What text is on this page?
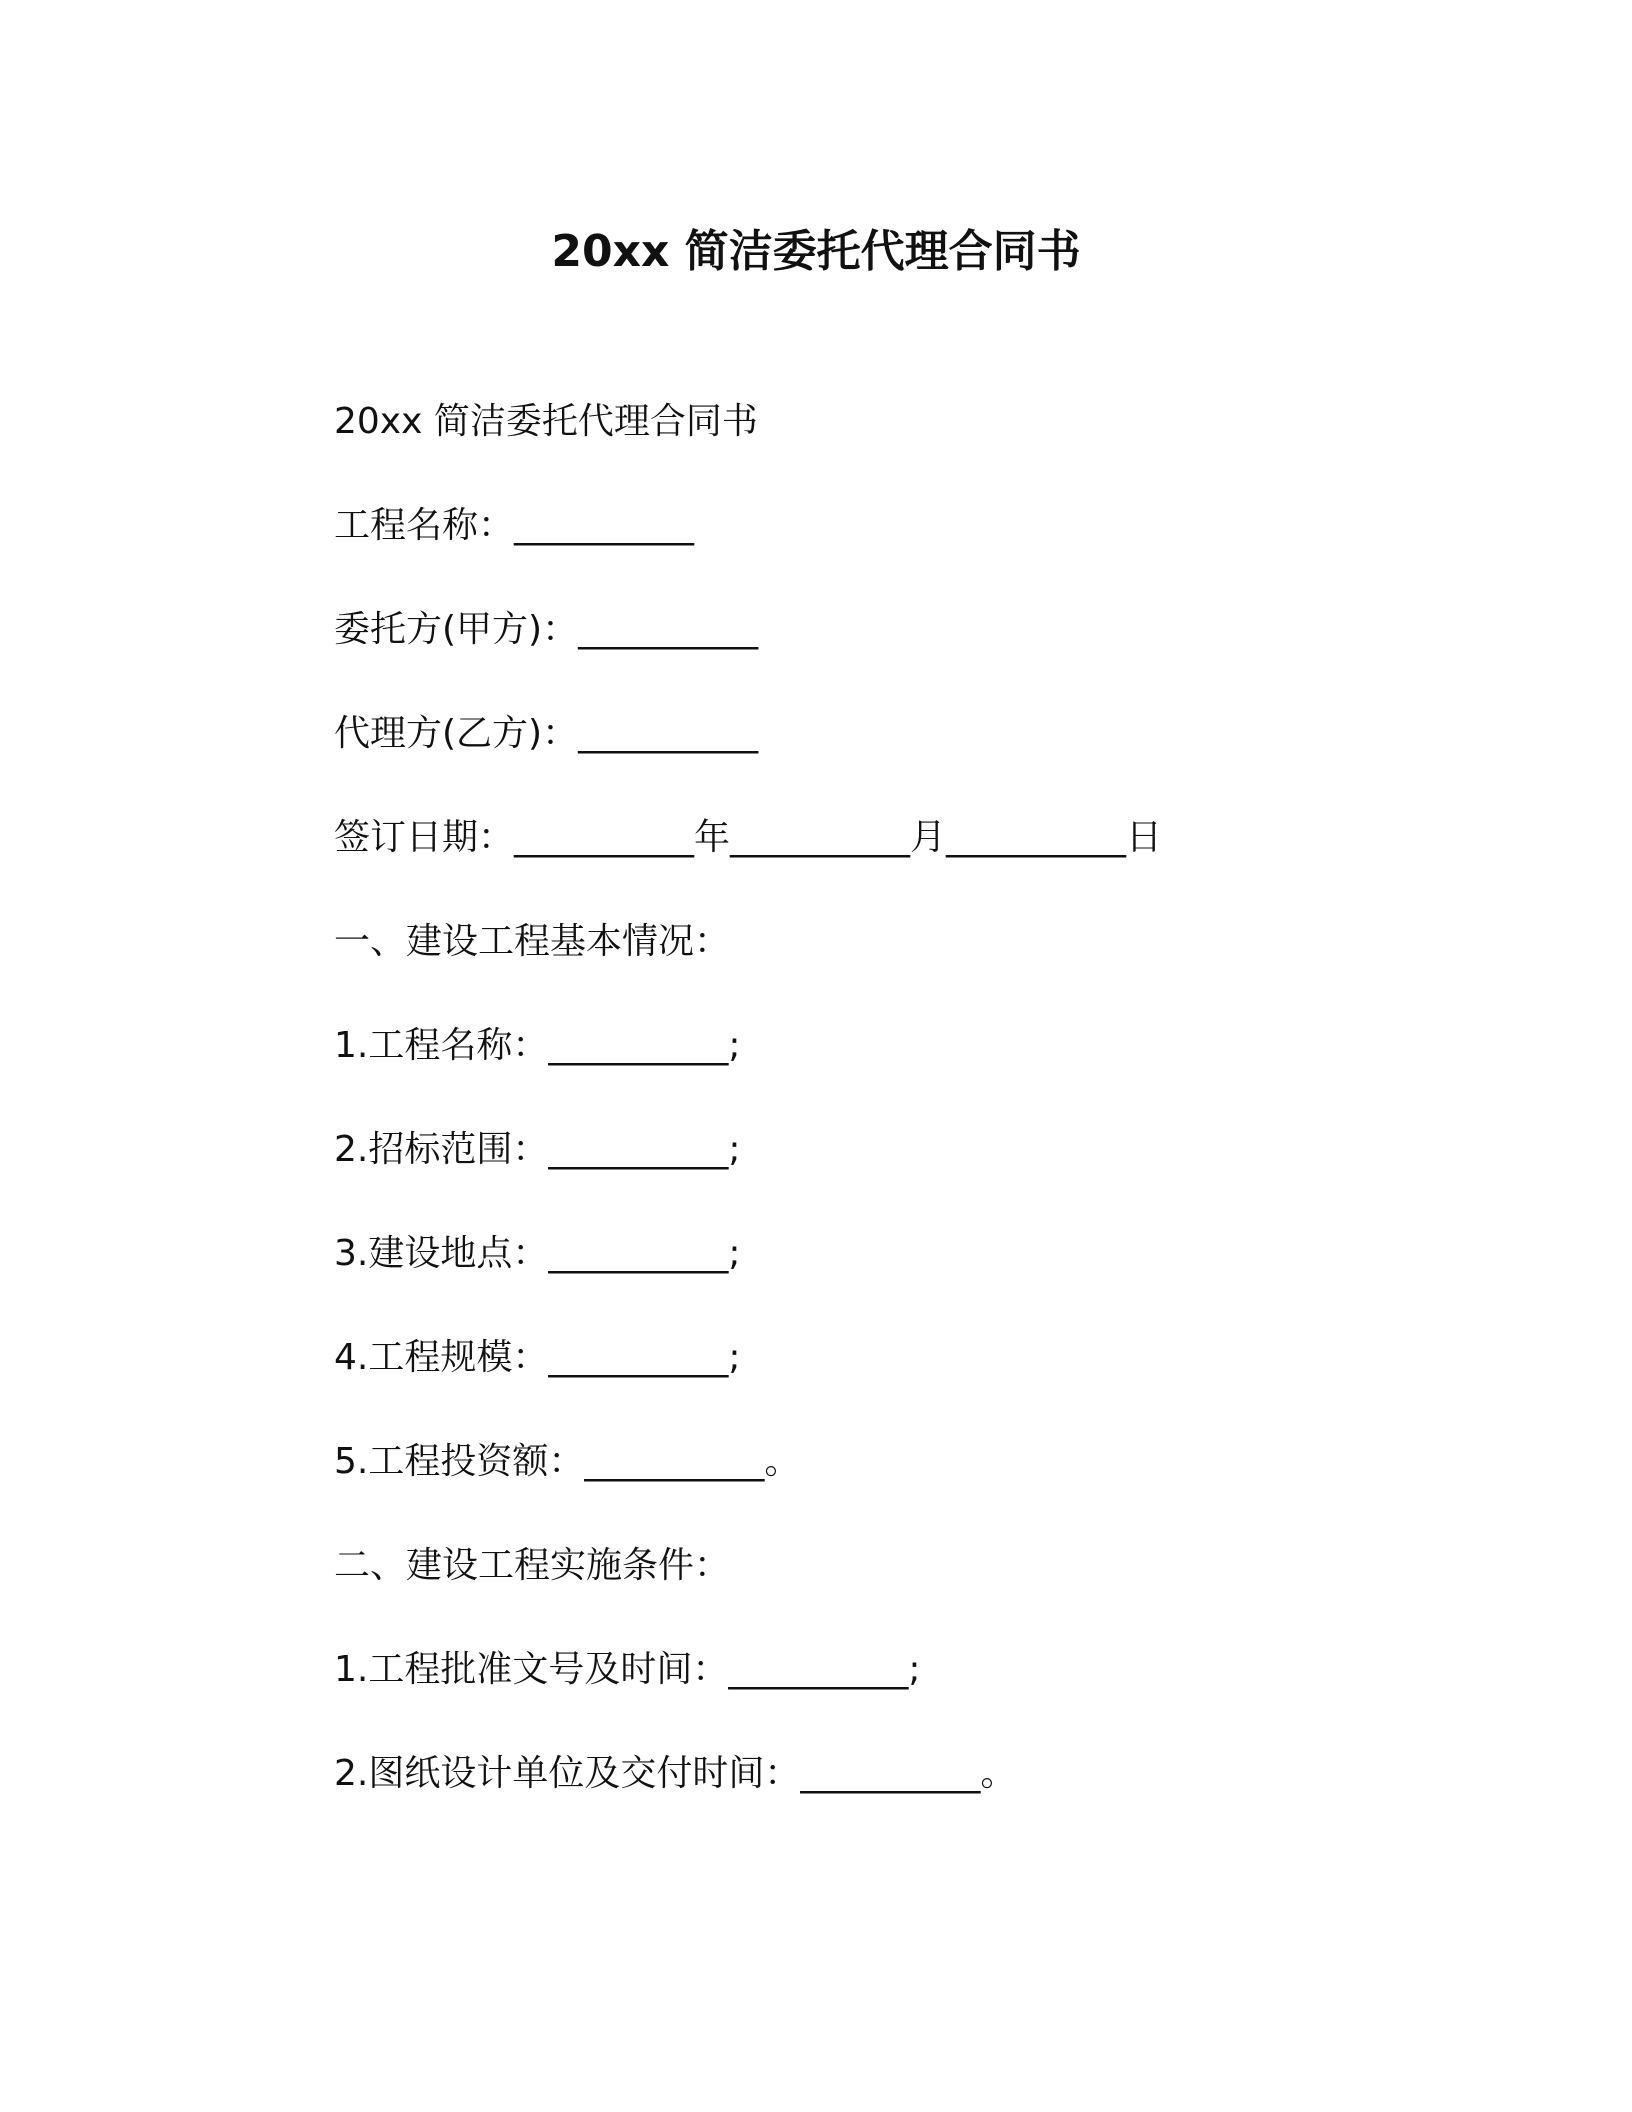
20xx 简洁委托代理合同书
20xx 简洁委托代理合同书
工程名称：__________
委托方(甲方)：__________
代理方(乙方)：__________
签订日期：__________年__________月__________日
一、建设工程基本情况：
1.工程名称：__________;
2.招标范围：__________;
3.建设地点：__________;
4.工程规模：__________;
5.工程投资额：__________。
二、建设工程实施条件：
1.工程批准文号及时间：__________;
2.图纸设计单位及交付时间：__________。
